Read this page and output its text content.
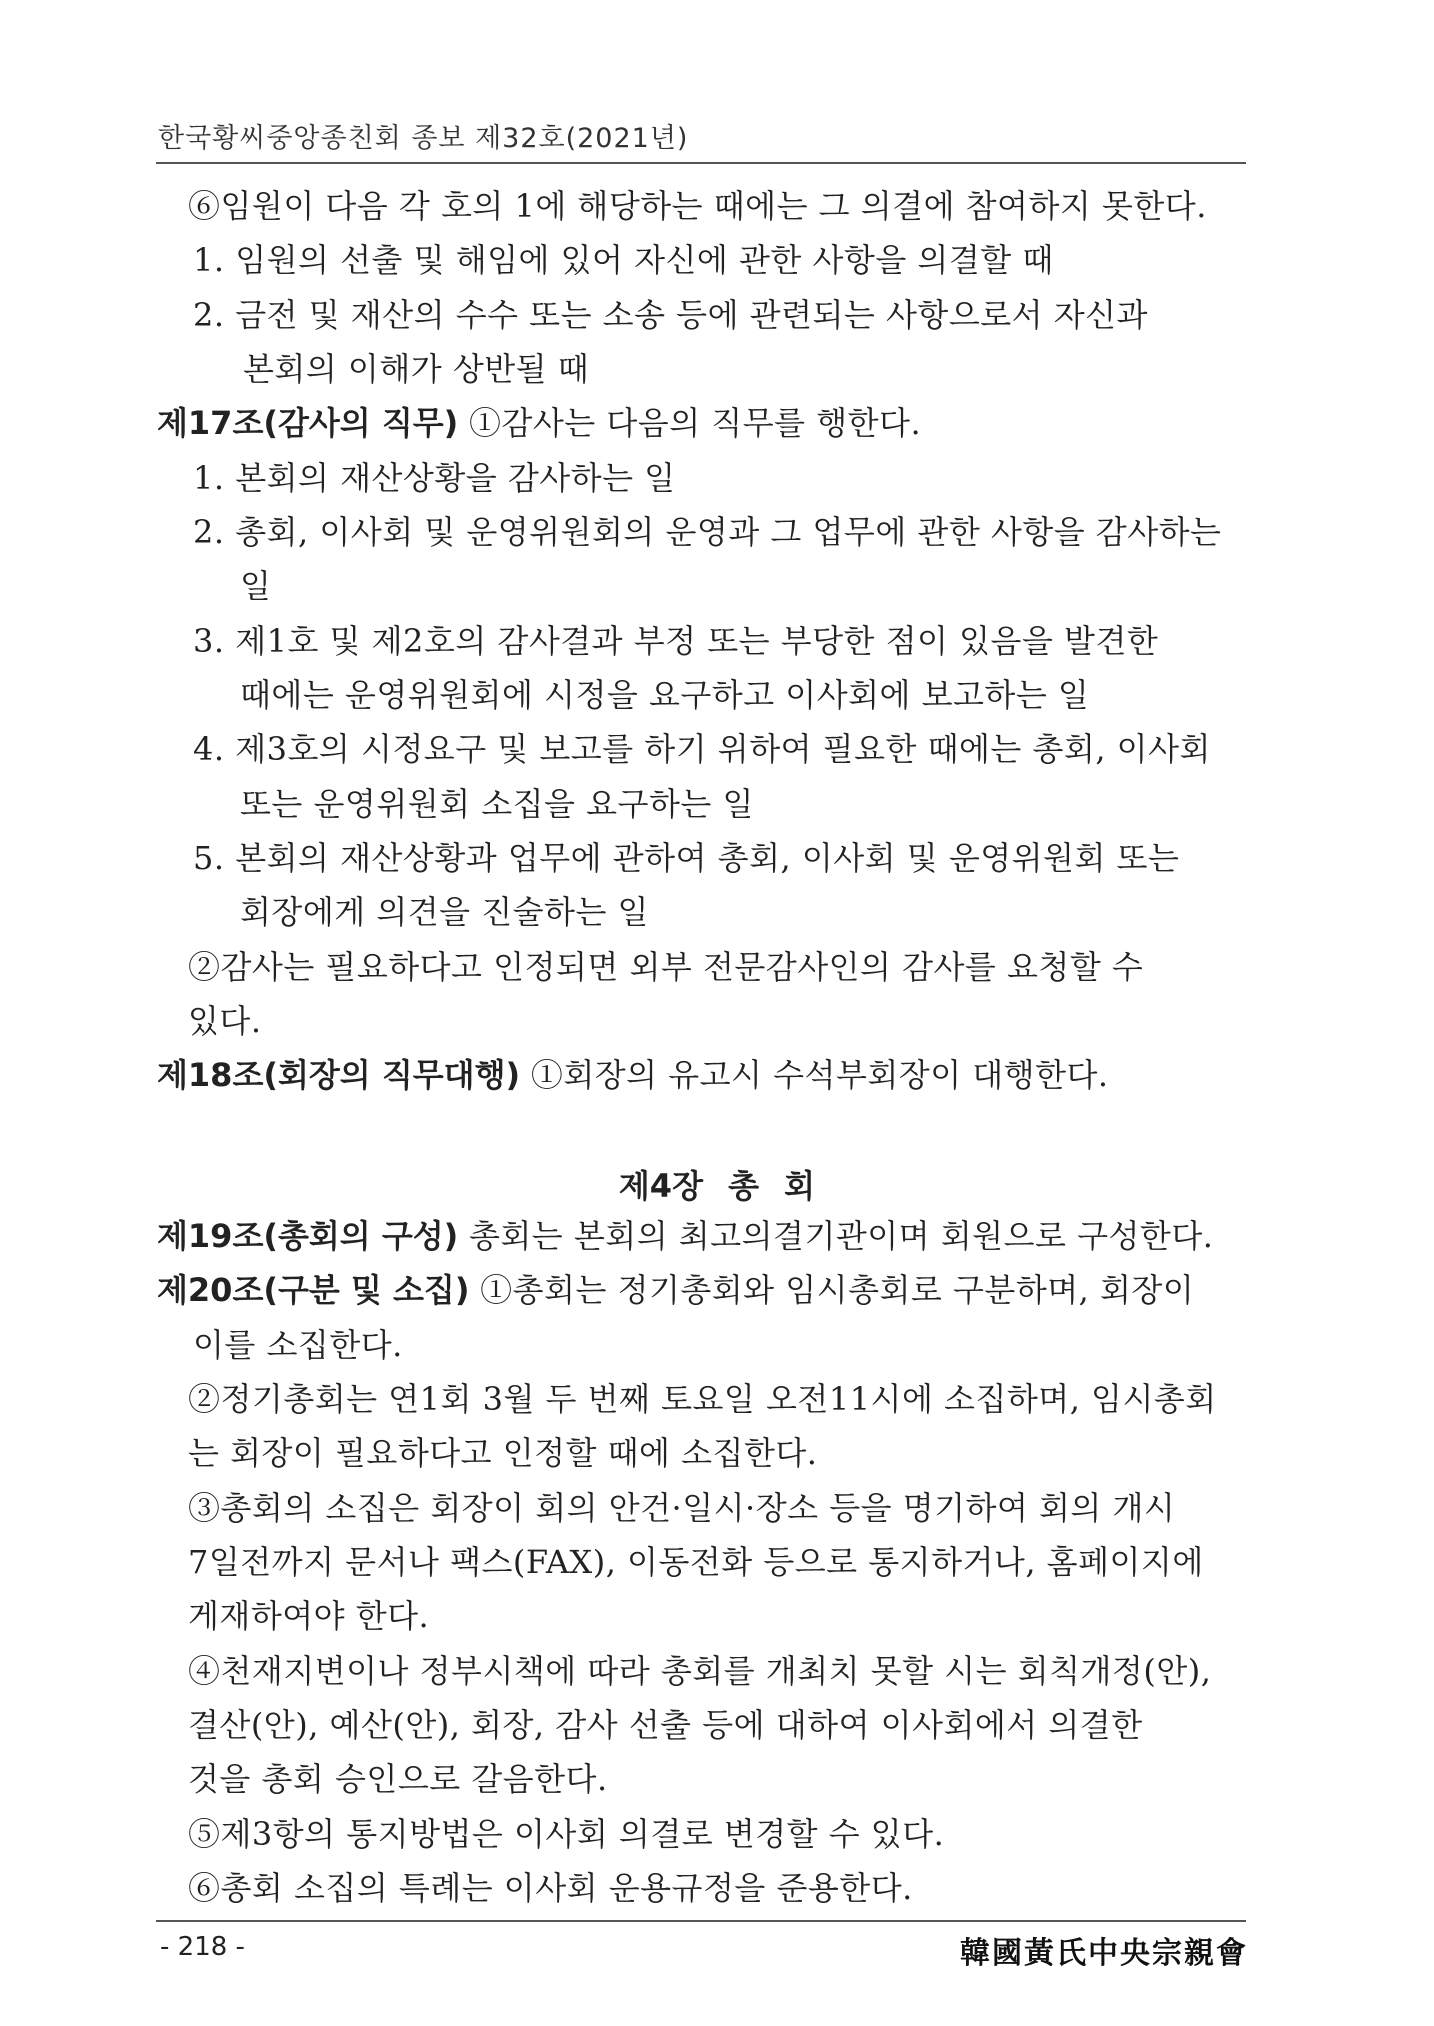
한국황씨중앙종친회 종보 제32호(2021년)
⑥임원이 다음 각 호의 1에 해당하는 때에는 그 의결에 참여하지 못한다.
1. 임원의 선출 및 해임에 있어 자신에 관한 사항을 의결할 때
2. 금전 및 재산의 수수 또는 소송 등에 관련되는 사항으로서 자신과
본회의 이해가 상반될 때
제17조(감사의 직무) ①감사는 다음의 직무를 행한다.
1. 본회의 재산상황을 감사하는 일
2. 총회, 이사회 및 운영위원회의 운영과 그 업무에 관한 사항을 감사하는
일
3. 제1호 및 제2호의 감사결과 부정 또는 부당한 점이 있음을 발견한
때에는 운영위원회에 시정을 요구하고 이사회에 보고하는 일
4. 제3호의 시정요구 및 보고를 하기 위하여 필요한 때에는 총회, 이사회
또는 운영위원회 소집을 요구하는 일
5. 본회의 재산상황과 업무에 관하여 총회, 이사회 및 운영위원회 또는
회장에게 의견을 진술하는 일
②감사는 필요하다고 인정되면 외부 전문감사인의 감사를 요청할 수
있다.
제18조(회장의 직무대행) ①회장의 유고시 수석부회장이 대행한다.
제4장 총 회
제19조(총회의 구성) 총회는 본회의 최고의결기관이며 회원으로 구성한다.
제20조(구분 및 소집) ①총회는 정기총회와 임시총회로 구분하며, 회장이
이를 소집한다.
②정기총회는 연1회 3월 두 번째 토요일 오전11시에 소집하며, 임시총회
는 회장이 필요하다고 인정할 때에 소집한다.
③총회의 소집은 회장이 회의 안건·일시·장소 등을 명기하여 회의 개시
7일전까지 문서나 팩스(FAX), 이동전화 등으로 통지하거나, 홈페이지에
게재하여야 한다.
④천재지변이나 정부시책에 따라 총회를 개최치 못할 시는 회칙개정(안),
결산(안), 예산(안), 회장, 감사 선출 등에 대하여 이사회에서 의결한
것을 총회 승인으로 갈음한다.
⑤제3항의 통지방법은 이사회 의결로 변경할 수 있다.
⑥총회 소집의 특례는 이사회 운용규정을 준용한다.
- 218 -	韓國黃氏中央宗親會
